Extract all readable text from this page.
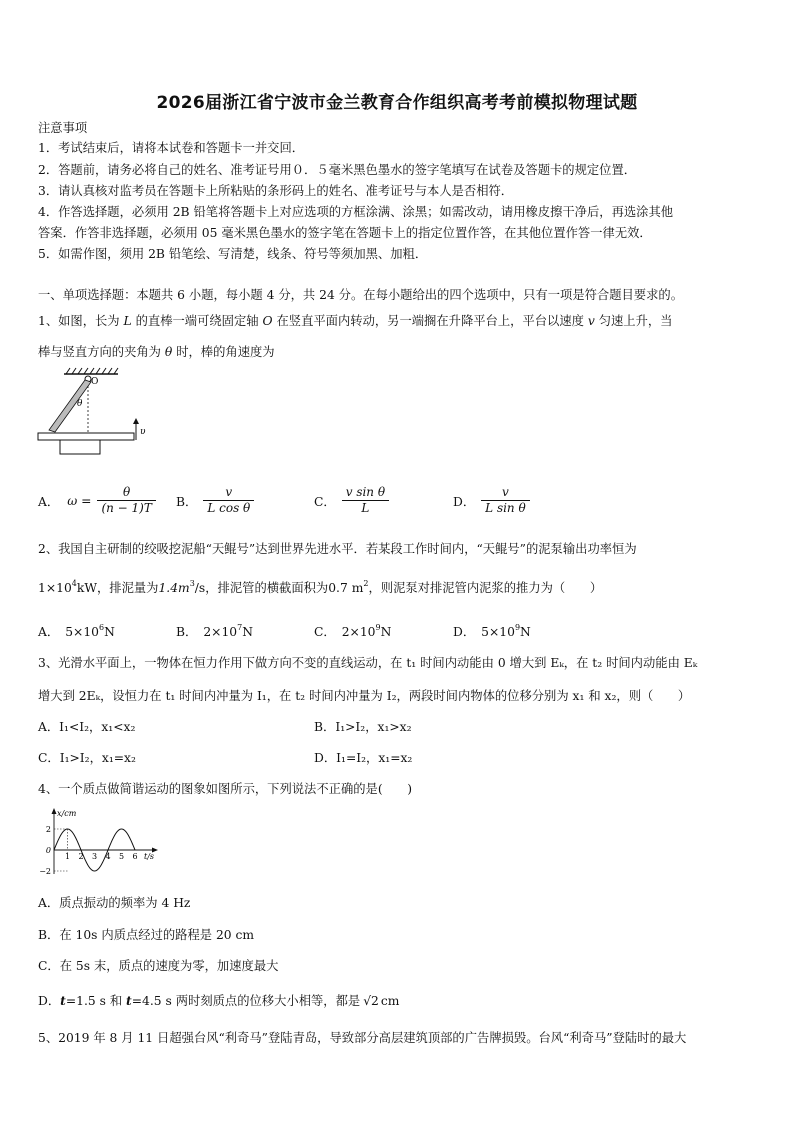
2026届浙江省宁波市金兰教育合作组织高考考前模拟物理试题
注意事项
1．考试结束后，请将本试卷和答题卡一并交回．
2．答题前，请务必将自己的姓名、准考证号用０．５毫米黑色墨水的签字笔填写在试卷及答题卡的规定位置．
3．请认真核对监考员在答题卡上所粘贴的条形码上的姓名、准考证号与本人是否相符．
4．作答选择题，必须用 2B 铅笔将答题卡上对应选项的方框涂满、涂黑；如需改动，请用橡皮擦干净后，再选涂其他
答案．作答非选择题，必须用 05 毫米黑色墨水的签字笔在答题卡上的指定位置作答，在其他位置作答一律无效．
5．如需作图，须用 2B 铅笔绘、写清楚，线条、符号等须加黑、加粗．
一、单项选择题：本题共 6 小题，每小题 4 分，共 24 分。在每小题给出的四个选项中，只有一项是符合题目要求的。
1、如图，长为 L 的直棒一端可绕固定轴 O 在竖直平面内转动，另一端搁在升降平台上，平台以速度 v 匀速上升，当
棒与竖直方向的夹角为 θ 时，棒的角速度为
O
θ
υ
A． $\omega = \frac{\theta}{(n - 1)T}$ B． $\frac{v}{\text{L cos θ}}$	C． $\frac{\text{v sin θ}}{L}$	D． $\frac{v}{\text{L sin θ}}$
2、我国自主研制的绞吸挖泥船“天鲲号”达到世界先进水平．若某段工作时间内，“天鲲号”的泥泵输出功率恒为
$1\times 10^4kW$，排泥量为$1.4m^3/s$，排泥管的横截面积为0.7 $m^2$，则泥泵对排泥管内泥浆的推力为（　　）
A． $5\times 10^6N$	B． $2\times 10^7N$	C． $2\times 10^9N$	D． $5\times 10^9N$
3、光滑水平面上，一物体在恒力作用下做方向不变的直线运动，在 t₁ 时间内动能由 0 增大到 Eₖ，在 t₂ 时间内动能由 Eₖ
增大到 2Eₖ，设恒力在 t₁ 时间内冲量为 I₁，在 t₂ 时间内冲量为 I₂，两段时间内物体的位移分别为 x₁ 和 x₂，则（　　）
A．I₁<I₂，x₁<x₂	B．I₁>I₂，x₁>x₂
C．I₁>I₂，x₁=x₂	D．I₁=I₂，x₁=x₂
4、一个质点做简谐运动的图象如图所示，下列说法不正确的是(　　)
x/cm
t/s
2
0
−2
1 2 3 4 5 6
A．质点振动的频率为 4 Hz
B．在 10s 内质点经过的路程是 20 cm
C．在 5s 末，质点的速度为零，加速度最大
D．t=1.5 s 和 t=4.5 s 两时刻质点的位移大小相等，都是 √2 cm
5、2019 年 8 月 11 日超强台风“利奇马”登陆青岛，导致部分高层建筑顶部的广告牌损毁。台风“利奇马”登陆时的最大
